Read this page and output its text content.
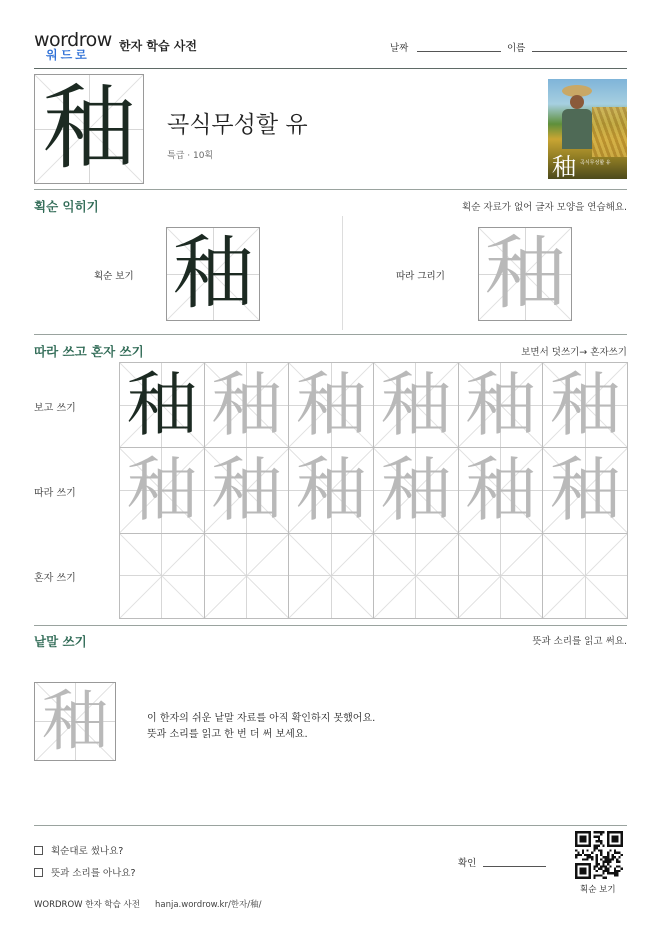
wordrow
워드로
한자 학습 사전	날짜	이름
秞 곡식무성할 유
특급 · 10획	秞 곡식무성할 유
획순 익히기	획순 자료가 없어 글자 모양을 연습해요.
획순 보기 秞	따라 그리기 秞
따라 쓰고 혼자 쓰기	보면서 덧쓰기→ 혼자쓰기
보고 쓰기
따라 쓰기
혼자 쓰기
秞 秞 秞 秞 秞 秞
秞 秞 秞 秞 秞 秞
낱말 쓰기	뜻과 소리를 읽고 써요.
秞	이 한자의 쉬운 낱말 자료를 아직 확인하지 못했어요.
뜻과 소리를 읽고 한 번 더 써 보세요.
획순대로 썼나요?
뜻과 소리를 아나요?
확인
획순 보기
WORDROW 한자 학습 사전 hanja.wordrow.kr/한자/秞/
